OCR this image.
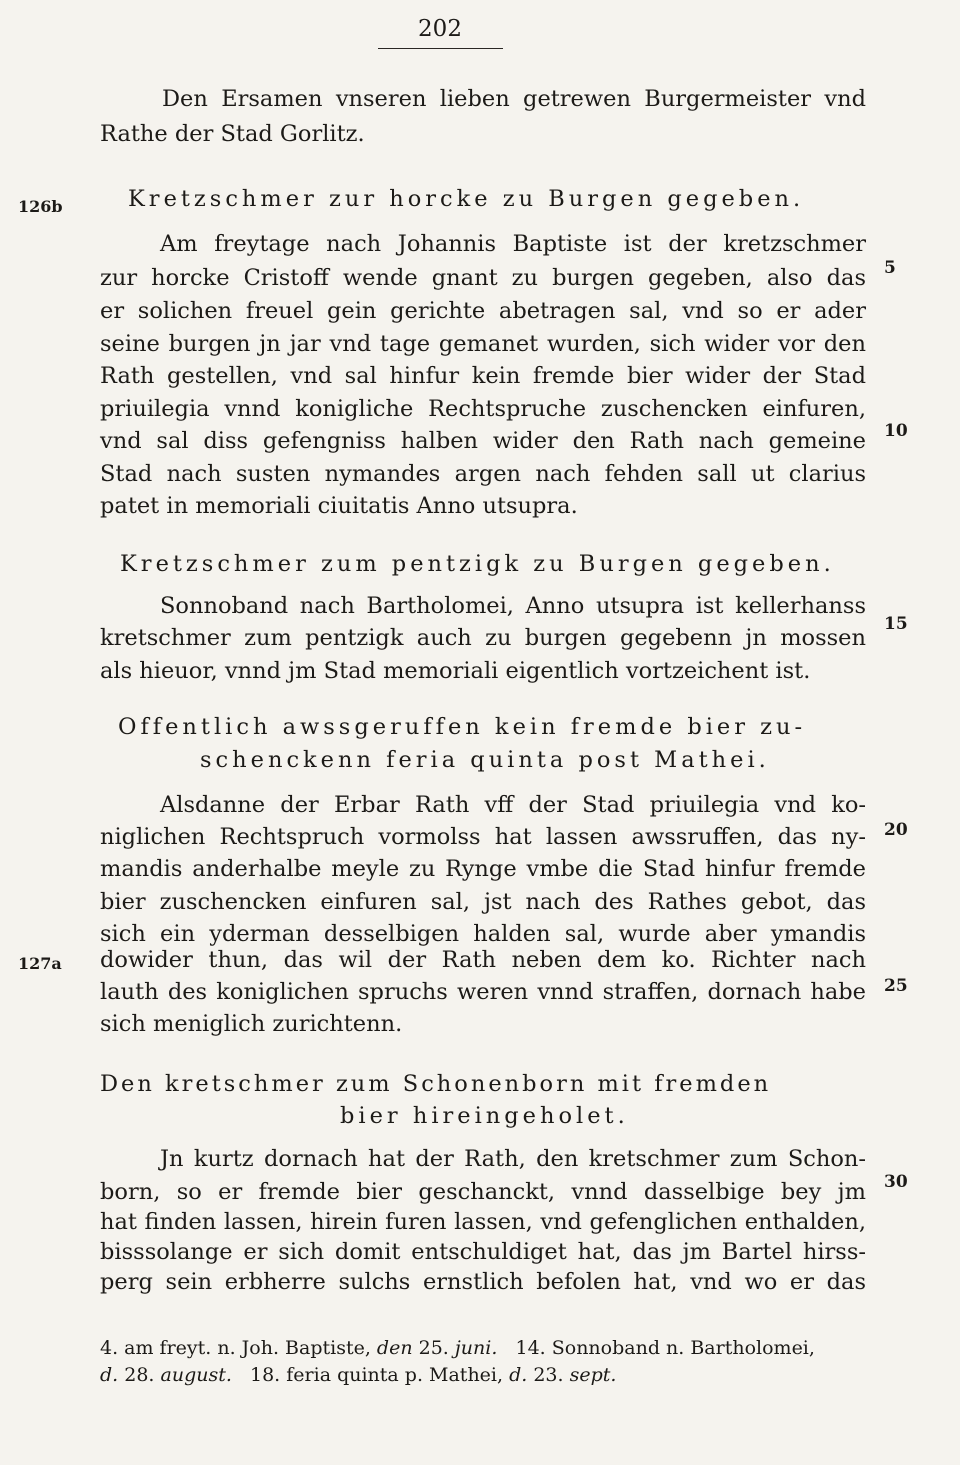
202
Den Ersamen vnseren lieben getrewen Burgermeister vnd
Rathe der Stad Gorlitz.
126b	Kretzschmer zur horcke zu Burgen gegeben.
Am freytage nach Johannis Baptiste ist der kretzschmer
zur horcke Cristoff wende gnant zu burgen gegeben, also das 5
er solichen freuel gein gerichte abetragen sal, vnd so er ader
seine burgen jn jar vnd tage gemanet wurden, sich wider vor den
Rath gestellen, vnd sal hinfur kein fremde bier wider der Stad
priuilegia vnnd konigliche Rechtspruche zuschencken einfuren,
vnd sal diss gefengniss halben wider den Rath nach gemeine 10
Stad nach susten nymandes argen nach fehden sall ut clarius
patet in memoriali ciuitatis Anno utsupra.
Kretzschmer zum pentzigk zu Burgen gegeben.
Sonnoband nach Bartholomei, Anno utsupra ist kellerhanss
kretschmer zum pentzigk auch zu burgen gegebenn jn mossen
15
als hieuor, vnnd jm Stad memoriali eigentlich vortzeichent ist.
Offentlich awssgeruffen kein fremde bier zu-
schenckenn feria quinta post Mathei.
Alsdanne der Erbar Rath vff der Stad priuilegia vnd ko-
niglichen Rechtspruch vormolss hat lassen awssruffen, das ny- 20
mandis anderhalbe meyle zu Rynge vmbe die Stad hinfur fremde
bier zuschencken einfuren sal, jst nach des Rathes gebot, das
sich ein yderman desselbigen halden sal, wurde aber ymandis
127a	dowider thun, das wil der Rath neben dem ko. Richter nach
lauth des koniglichen spruchs weren vnnd straffen, dornach habe 25
sich meniglich zurichtenn.
Den kretschmer zum Schonenborn mit fremden
bier hireingeholet.
Jn kurtz dornach hat der Rath, den kretschmer zum Schon-
born, so er fremde bier geschanckt, vnnd dasselbige bey jm 30
hat finden lassen, hirein furen lassen, vnd gefenglichen enthalden,
bisssolange er sich domit entschuldiget hat, das jm Bartel hirss-
perg sein erbherre sulchs ernstlich befolen hat, vnd wo er das
4. am freyt. n. Joh. Baptiste, den 25. juni.   14. Sonnoband n. Bartholomei,
d. 28. august.   18. feria quinta p. Mathei, d. 23. sept.
